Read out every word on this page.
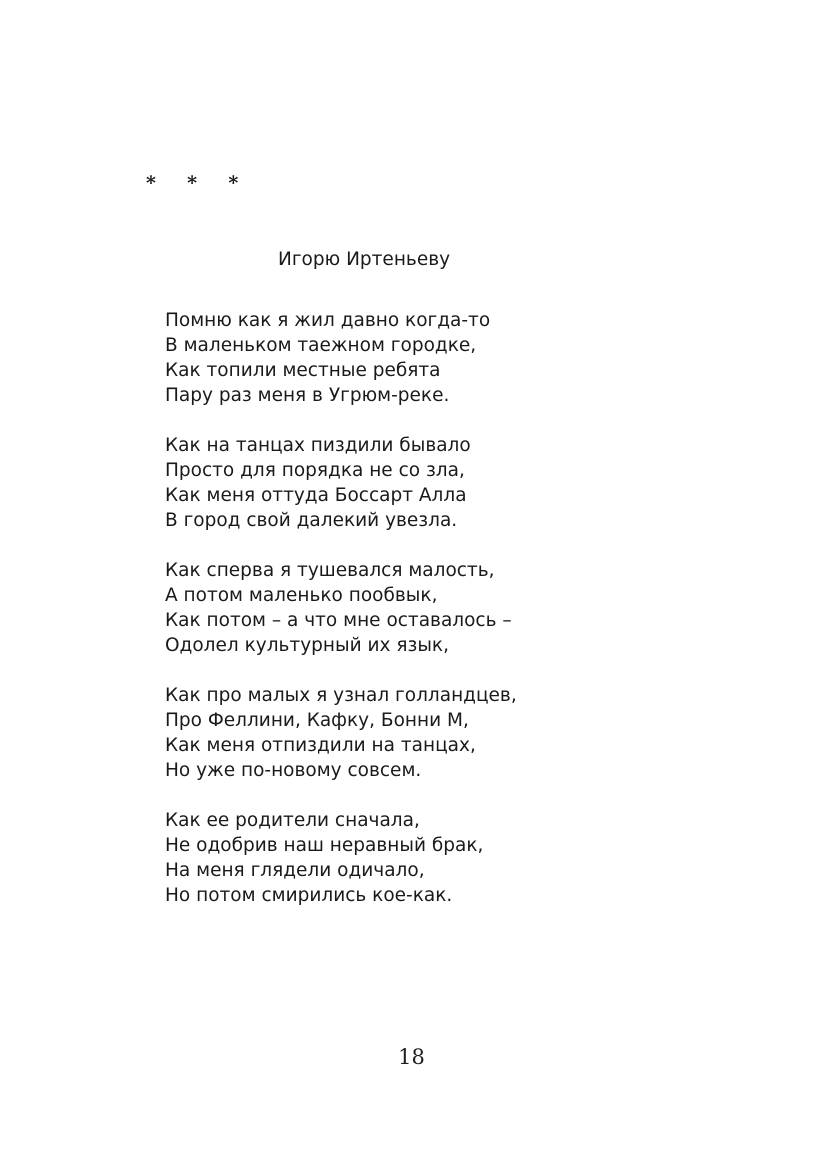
*  *  *
Игорю Иртеньеву
Помню как я жил давно когда-то
В маленьком таежном городке,
Как топили местные ребята
Пару раз меня в Угрюм-реке.
Как на танцах пиздили бывало
Просто для порядка не со зла,
Как меня оттуда Боссарт Алла
В город свой далекий увезла.
Как сперва я тушевался малость,
А потом маленько пообвык,
Как потом – а что мне оставалось –
Одолел культурный их язык,
Как про малых я узнал голландцев,
Про Феллини, Кафку, Бонни М,
Как меня отпиздили на танцах,
Но уже по-новому совсем.
Как ее родители сначала,
Не одобрив наш неравный брак,
На меня глядели одичало,
Но потом смирились кое-как.
18
